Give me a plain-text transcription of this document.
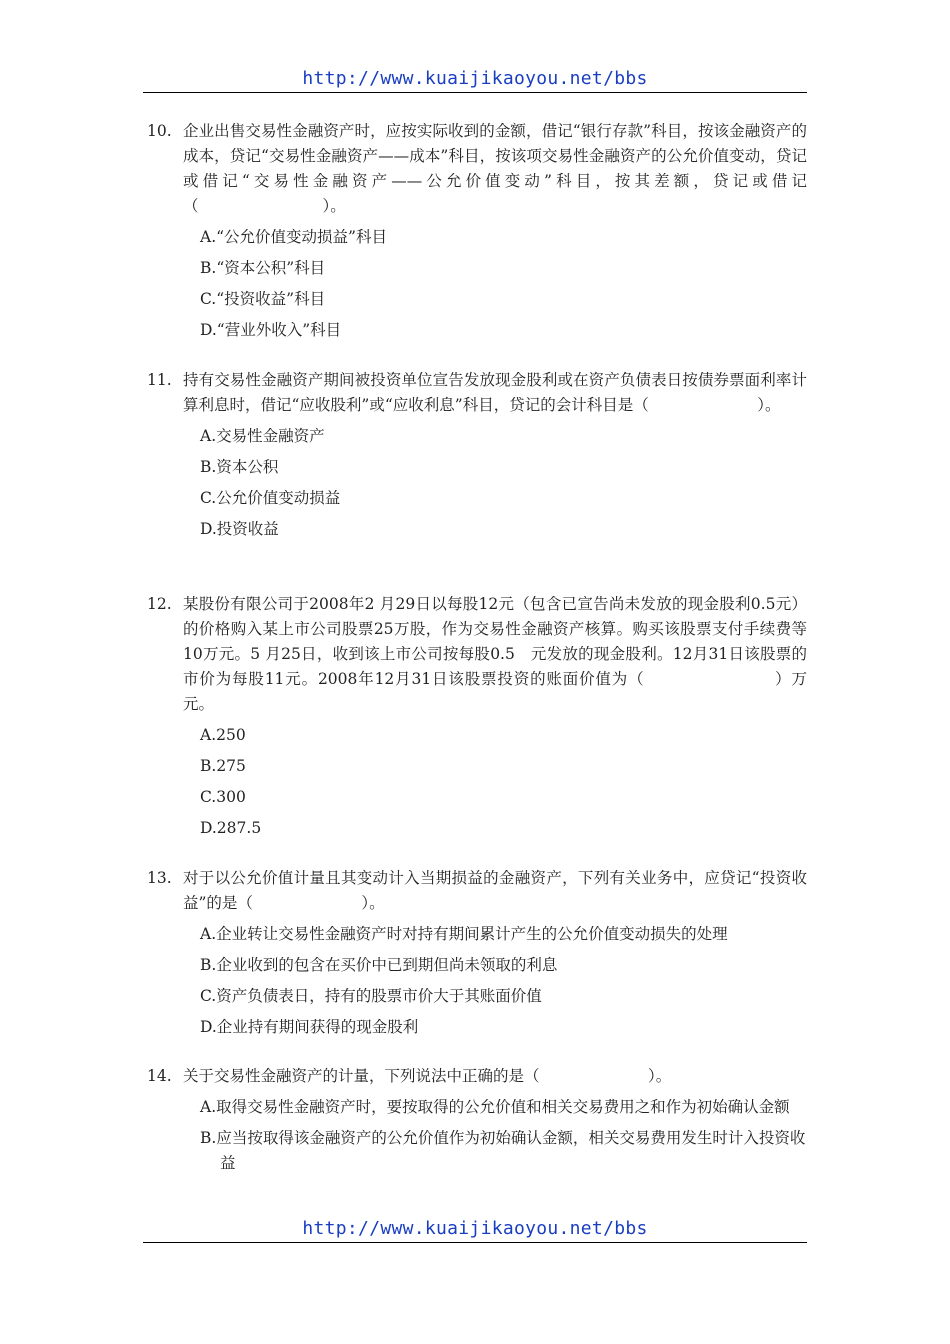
http://www.kuaijikaoyou.net/bbs
10. 企业出售交易性金融资产时，应按实际收到的金额，借记“银行存款”科目，按该金融资产的成本，贷记“交易性金融资产——成本”科目，按该项交易性金融资产的公允价值变动，贷记或借记“交易性金融资产——公允价值变动”科目，按其差额，贷记或借记（　　　　　　　　）。
A.“公允价值变动损益”科目
B.“资本公积”科目
C.“投资收益”科目
D.“营业外收入”科目
11. 持有交易性金融资产期间被投资单位宣告发放现金股利或在资产负债表日按债券票面利率计算利息时，借记“应收股利”或“应收利息”科目，贷记的会计科目是（　　　　　　　）。
A.交易性金融资产
B.资本公积
C.公允价值变动损益
D.投资收益
12. 某股份有限公司于2008年2 月29日以每股12元（包含已宣告尚未发放的现金股利0.5元）的价格购入某上市公司股票25万股，作为交易性金融资产核算。购买该股票支付手续费等10万元。5 月25日，收到该上市公司按每股0.5　元发放的现金股利。12月31日该股票的市价为每股11元。2008年12月31日该股票投资的账面价值为（　　　　　　　　）万元。
A.250
B.275
C.300
D.287.5
13. 对于以公允价值计量且其变动计入当期损益的金融资产，下列有关业务中，应贷记“投资收益”的是（　　　　　　　）。
A.企业转让交易性金融资产时对持有期间累计产生的公允价值变动损失的处理
B.企业收到的包含在买价中已到期但尚未领取的利息
C.资产负债表日，持有的股票市价大于其账面价值
D.企业持有期间获得的现金股利
14. 关于交易性金融资产的计量，下列说法中正确的是（　　　　　　　）。
A.取得交易性金融资产时，要按取得的公允价值和相关交易费用之和作为初始确认金额
B.应当按取得该金融资产的公允价值作为初始确认金额，相关交易费用发生时计入投资收益
http://www.kuaijikaoyou.net/bbs
